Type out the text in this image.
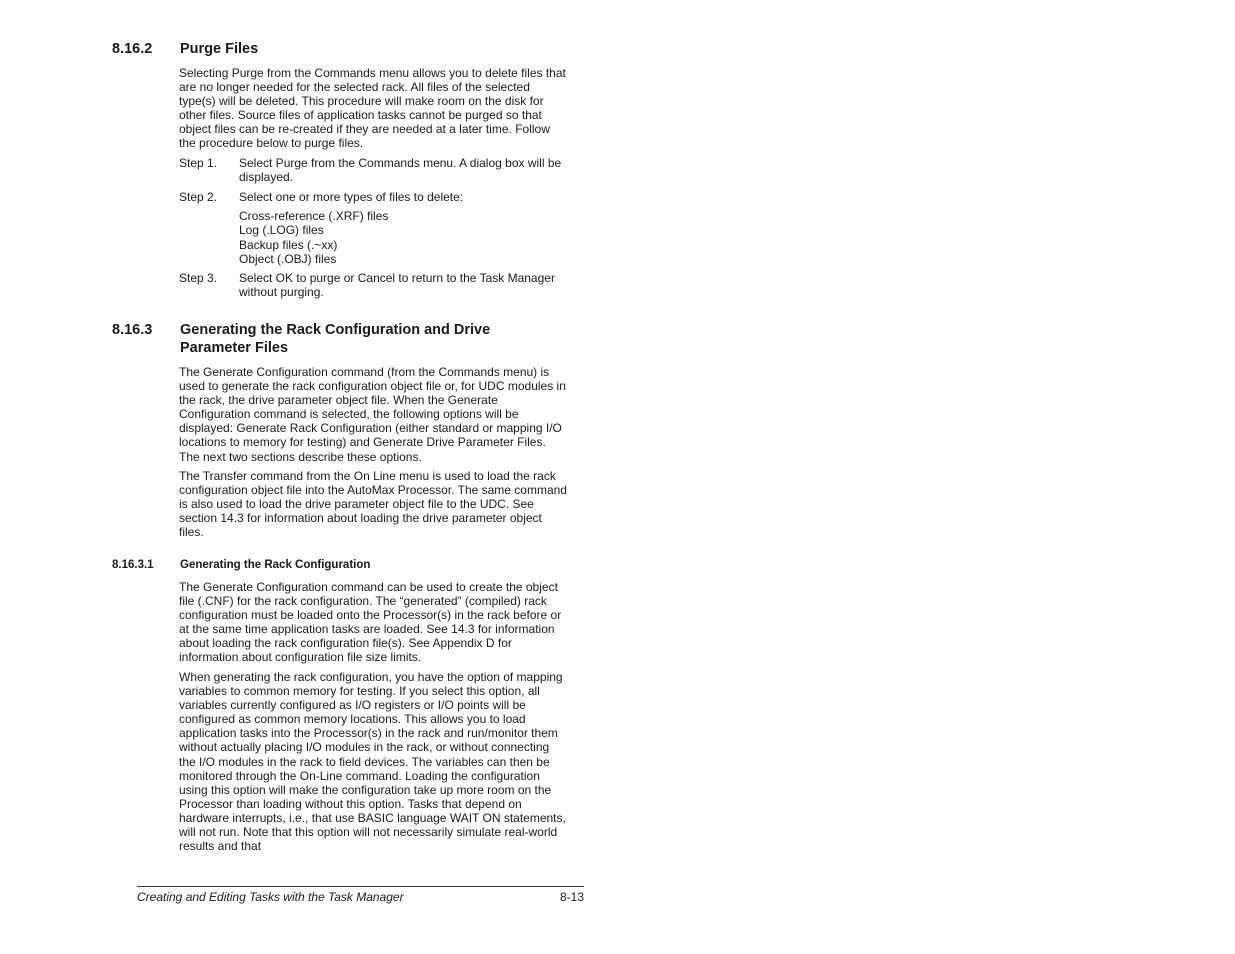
8.16.2 Purge Files

Selecting Purge from the Commands menu allows you to delete files that are no longer needed for the selected rack. All files of the selected type(s) will be deleted. This procedure will make room on the disk for other files. Source files of application tasks cannot be purged so that object files can be re-created if they are needed at a later time. Follow the procedure below to purge files.

Step 1. Select Purge from the Commands menu. A dialog box will be displayed.
Step 2. Select one or more types of files to delete:
Cross-reference (.XRF) files
Log (.LOG) files
Backup files (.~xx)
Object (.OBJ) files
Step 3. Select OK to purge or Cancel to return to the Task Manager without purging.
8.16.3 Generating the Rack Configuration and Drive Parameter Files

The Generate Configuration command (from the Commands menu) is used to generate the rack configuration object file or, for UDC modules in the rack, the drive parameter object file. When the Generate Configuration command is selected, the following options will be displayed: Generate Rack Configuration (either standard or mapping I/O locations to memory for testing) and Generate Drive Parameter Files. The next two sections describe these options.

The Transfer command from the On Line menu is used to load the rack configuration object file into the AutoMax Processor. The same command is also used to load the drive parameter object file to the UDC. See section 14.3 for information about loading the drive parameter object files.

8.16.3.1 Generating the Rack Configuration

The Generate Configuration command can be used to create the object file (.CNF) for the rack configuration. The “generated” (compiled) rack configuration must be loaded onto the Processor(s) in the rack before or at the same time application tasks are loaded. See 14.3 for information about loading the rack configuration file(s). See Appendix D for information about configuration file size limits.

When generating the rack configuration, you have the option of mapping variables to common memory for testing. If you select this option, all variables currently configured as I/O registers or I/O points will be configured as common memory locations. This allows you to load application tasks into the Processor(s) in the rack and run/monitor them without actually placing I/O modules in the rack, or without connecting the I/O modules in the rack to field devices. The variables can then be monitored through the On-Line command. Loading the configuration using this option will make the configuration take up more room on the Processor than loading without this option. Tasks that depend on hardware interrupts, i.e., that use BASIC language WAIT ON statements, will not run. Note that this option will not necessarily simulate real-world results and that

Creating and Editing Tasks with the Task Manager	8-13
